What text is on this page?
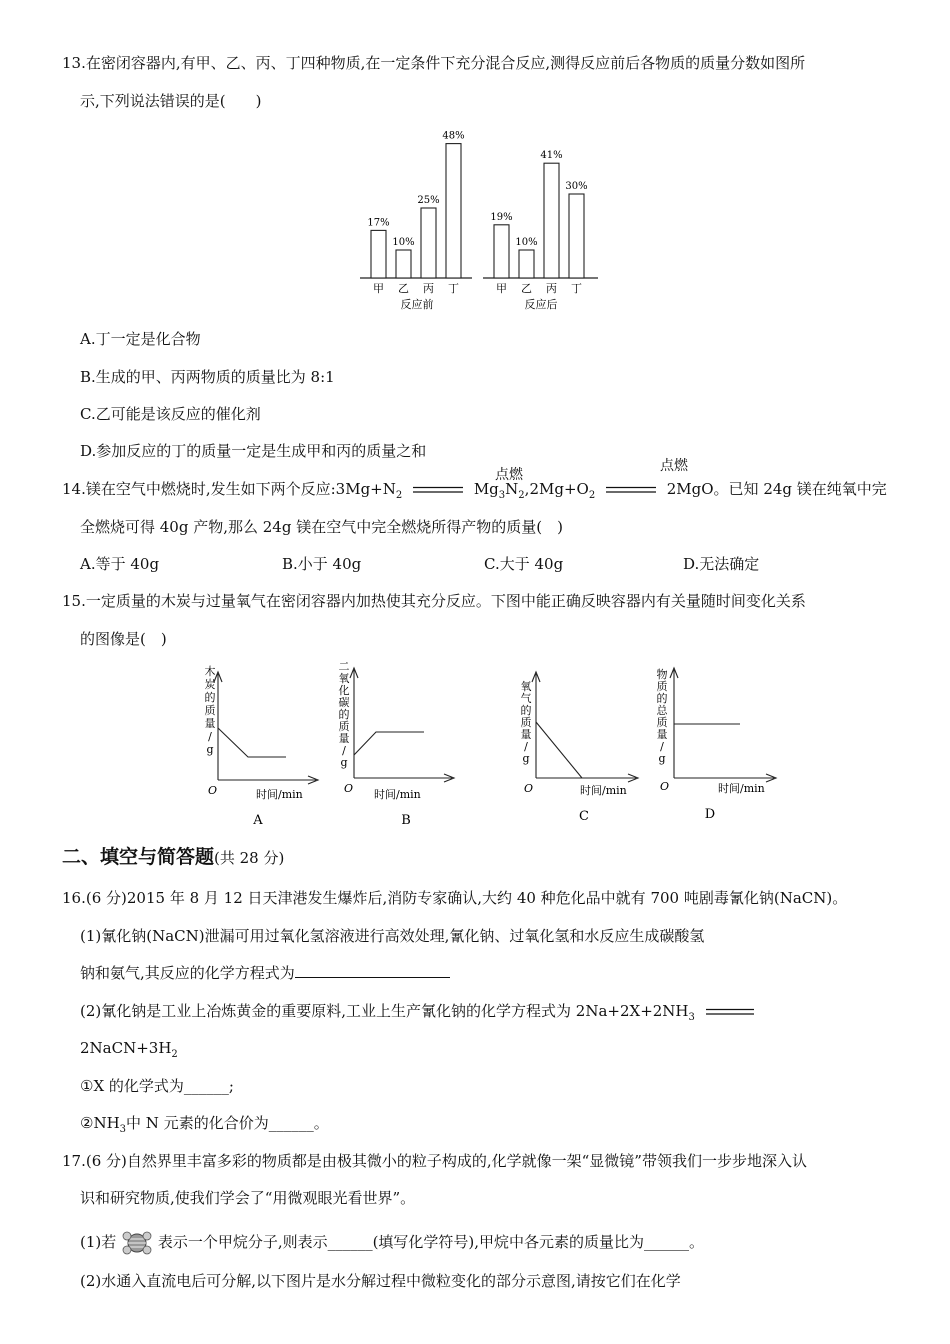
13.在密闭容器内,有甲、乙、丙、丁四种物质,在一定条件下充分混合反应,测得反应前后各物质的质量分数如图所
示,下列说法错误的是(　　)
17%
甲
10%
乙
25%
丙
48%
丁
19%
甲
10%
乙
41%
丙
30%
丁
反应前	反应后
A.丁一定是化合物
B.生成的甲、丙两物质的质量比为 8:1
C.乙可能是该反应的催化剂
D.参加反应的丁的质量一定是生成甲和丙的质量之和
点燃
点燃
14.镁在空气中燃烧时,发生如下两个反应$:3Mg+N_2$	$Mg_3N_2,2Mg+O_2$	2MgO。已知 24g 镁在纯氧中完
全燃烧可得 40g 产物,那么 24g 镁在空气中完全燃烧所得产物的质量(　)
A.等于 40g	B.小于 40g	C.大于 40g	D.无法确定
15.一定质量的木炭与过量氧气在密闭容器内加热使其充分反应。下图中能正确反映容器内有关量随时间变化关系
的图像是(　)
木
炭
的
质
量
/
g
O	时间/min
A
二
氧
化
碳
的
质
量
/
g
O 时间/min
B
氧
气
的
质
量
/
g
O	时间/min
C
物
质
的
总
质
量
/
g
O	时间/min
D
二、填空与简答题(共 28 分)
16.(6 分)2015 年 8 月 12 日天津港发生爆炸后,消防专家确认,大约 40 种危化品中就有 700 吨剧毒氰化钠(NaCN)。
(1)氰化钠(NaCN)泄漏可用过氧化氢溶液进行高效处理,氰化钠、过氧化氢和水反应生成碳酸氢
钠和氨气,其反应的化学方程式为
(2)氰化钠是工业上冶炼黄金的重要原料,工业上生产氰化钠的化学方程式为 $2Na+2X+2NH_3$
$2NaCN+3H_2$
①X 的化学式为______;
$②NH_3$中 N 元素的化合价为______。
17.(6 分)自然界里丰富多彩的物质都是由极其微小的粒子构成的,化学就像一架“显微镜”带领我们一步步地深入认
识和研究物质,使我们学会了“用微观眼光看世界”。
(1)若	表示一个甲烷分子,则表示______(填写化学符号),甲烷中各元素的质量比为______。
(2)水通入直流电后可分解,以下图片是水分解过程中微粒变化的部分示意图,请按它们在化学
